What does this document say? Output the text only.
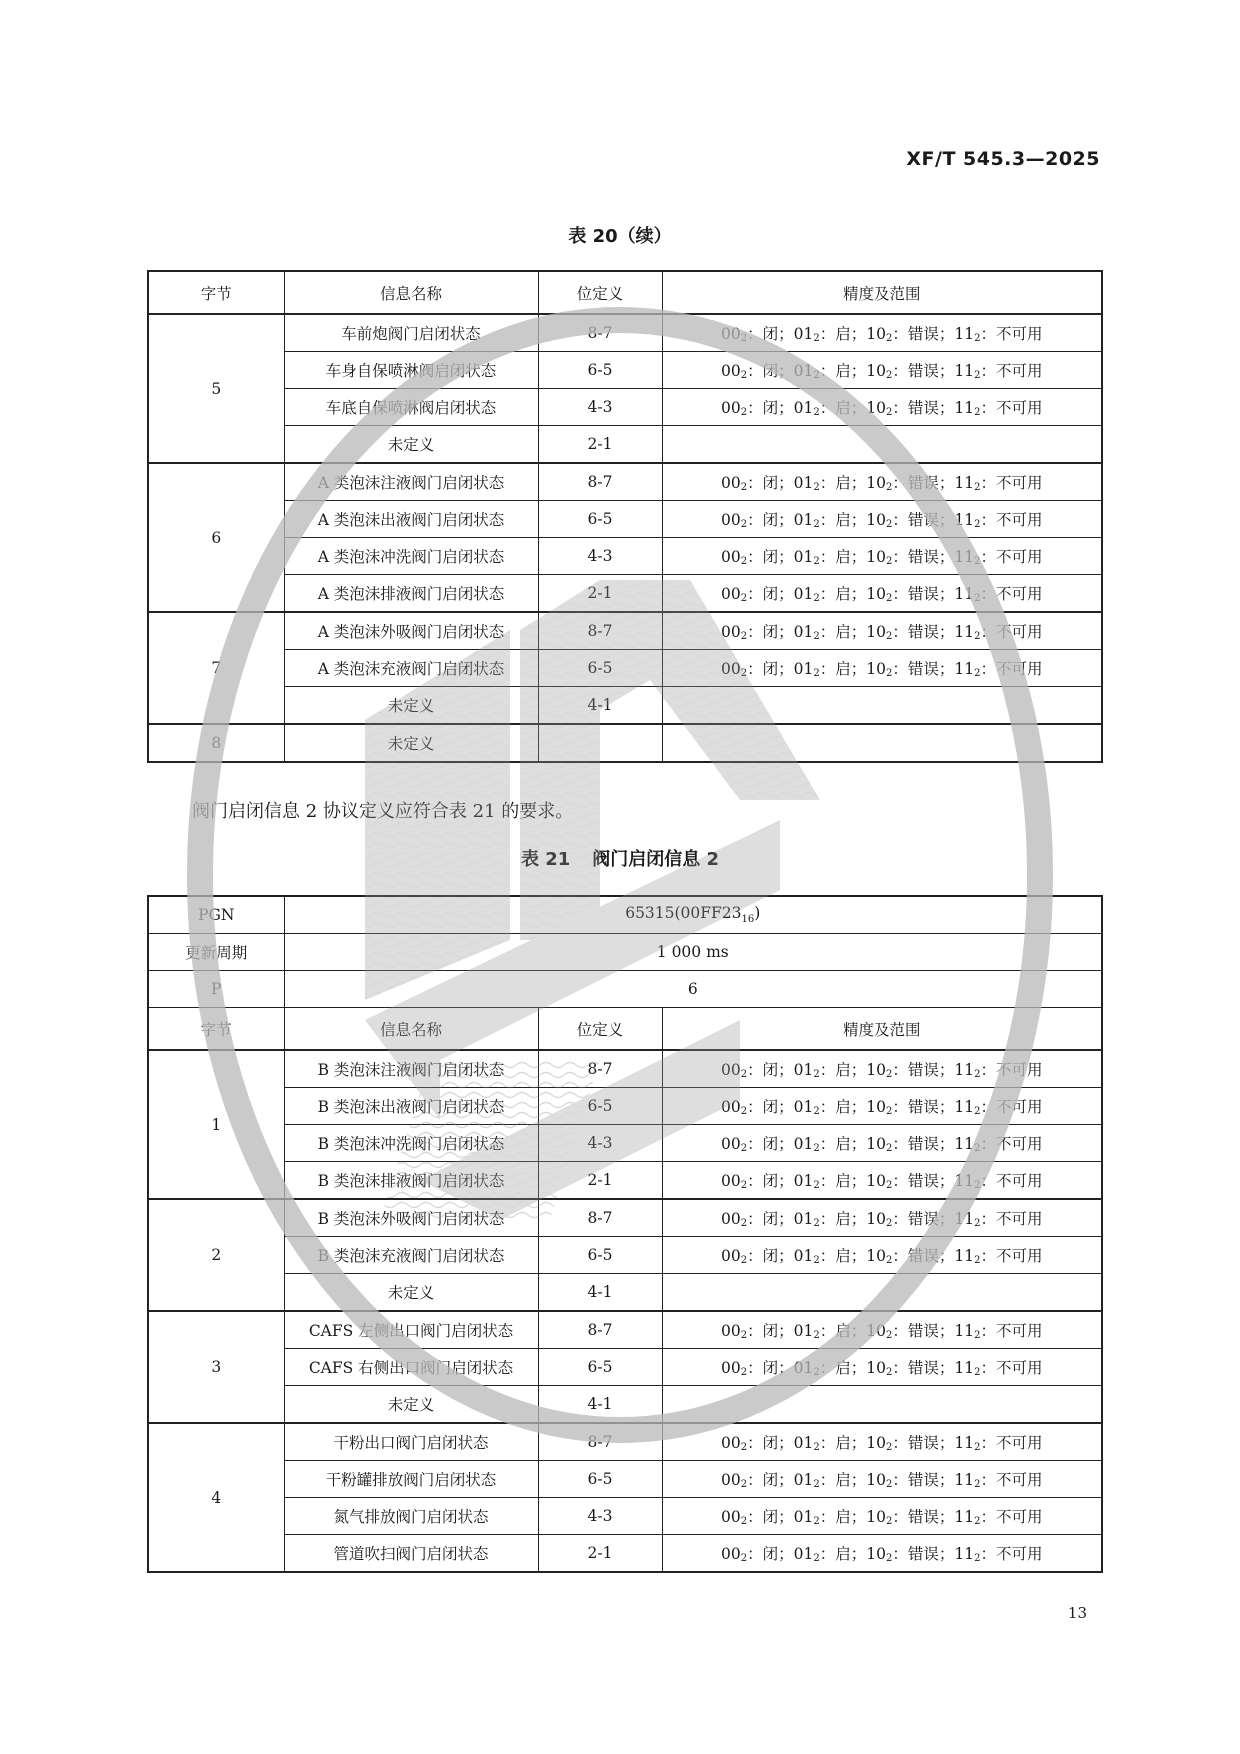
XF/T 545.3—2025
表 20（续）
字节	信息名称	位定义	精度及范围
5	车前炮阀门启闭状态	8-7	$00_2$：闭；$01_2$：启；$10_2$：错误；$11_2$：不可用
	车身自保喷淋阀启闭状态	6-5	$00_2$：闭；$01_2$：启；$10_2$：错误；$11_2$：不可用
	车底自保喷淋阀启闭状态	4-3	$00_2$：闭；$01_2$：启；$10_2$：错误；$11_2$：不可用
	未定义	2-1	
6	A 类泡沫注液阀门启闭状态	8-7	$00_2$：闭；$01_2$：启；$10_2$：错误；$11_2$：不可用
	A 类泡沫出液阀门启闭状态	6-5	$00_2$：闭；$01_2$：启；$10_2$：错误；$11_2$：不可用
	A 类泡沫冲洗阀门启闭状态	4-3	$00_2$：闭；$01_2$：启；$10_2$：错误；$11_2$：不可用
	A 类泡沫排液阀门启闭状态	2-1	$00_2$：闭；$01_2$：启；$10_2$：错误；$11_2$：不可用
7	A 类泡沫外吸阀门启闭状态	8-7	$00_2$：闭；$01_2$：启；$10_2$：错误；$11_2$：不可用
	A 类泡沫充液阀门启闭状态	6-5	$00_2$：闭；$01_2$：启；$10_2$：错误；$11_2$：不可用
	未定义	4-1	
8	未定义		
阀门启闭信息 2 协议定义应符合表 21 的要求。
表 21 阀门启闭信息 2
PGN	$65315(00FF23_{16})$		
更新周期	1 000 ms		
P	6		
字节	信息名称	位定义	精度及范围
1	B 类泡沫注液阀门启闭状态	8-7	$00_2$：闭；$01_2$：启；$10_2$：错误；$11_2$：不可用
	B 类泡沫出液阀门启闭状态	6-5	$00_2$：闭；$01_2$：启；$10_2$：错误；$11_2$：不可用
	B 类泡沫冲洗阀门启闭状态	4-3	$00_2$：闭；$01_2$：启；$10_2$：错误；$11_2$：不可用
	B 类泡沫排液阀门启闭状态	2-1	$00_2$：闭；$01_2$：启；$10_2$：错误；$11_2$：不可用
2	B 类泡沫外吸阀门启闭状态	8-7	$00_2$：闭；$01_2$：启；$10_2$：错误；$11_2$：不可用
	B 类泡沫充液阀门启闭状态	6-5	$00_2$：闭；$01_2$：启；$10_2$：错误；$11_2$：不可用
	未定义	4-1	
3	CAFS 左侧出口阀门启闭状态	8-7	$00_2$：闭；$01_2$：启；$10_2$：错误；$11_2$：不可用
	CAFS 右侧出口阀门启闭状态	6-5	$00_2$：闭；$01_2$：启；$10_2$：错误；$11_2$：不可用
	未定义	4-1	
4	干粉出口阀门启闭状态	8-7	$00_2$：闭；$01_2$：启；$10_2$：错误；$11_2$：不可用
	干粉罐排放阀门启闭状态	6-5	$00_2$：闭；$01_2$：启；$10_2$：错误；$11_2$：不可用
	氮气排放阀门启闭状态	4-3	$00_2$：闭；$01_2$：启；$10_2$：错误；$11_2$：不可用
	管道吹扫阀门启闭状态	2-1	$00_2$：闭；$01_2$：启；$10_2$：错误；$11_2$：不可用
13
